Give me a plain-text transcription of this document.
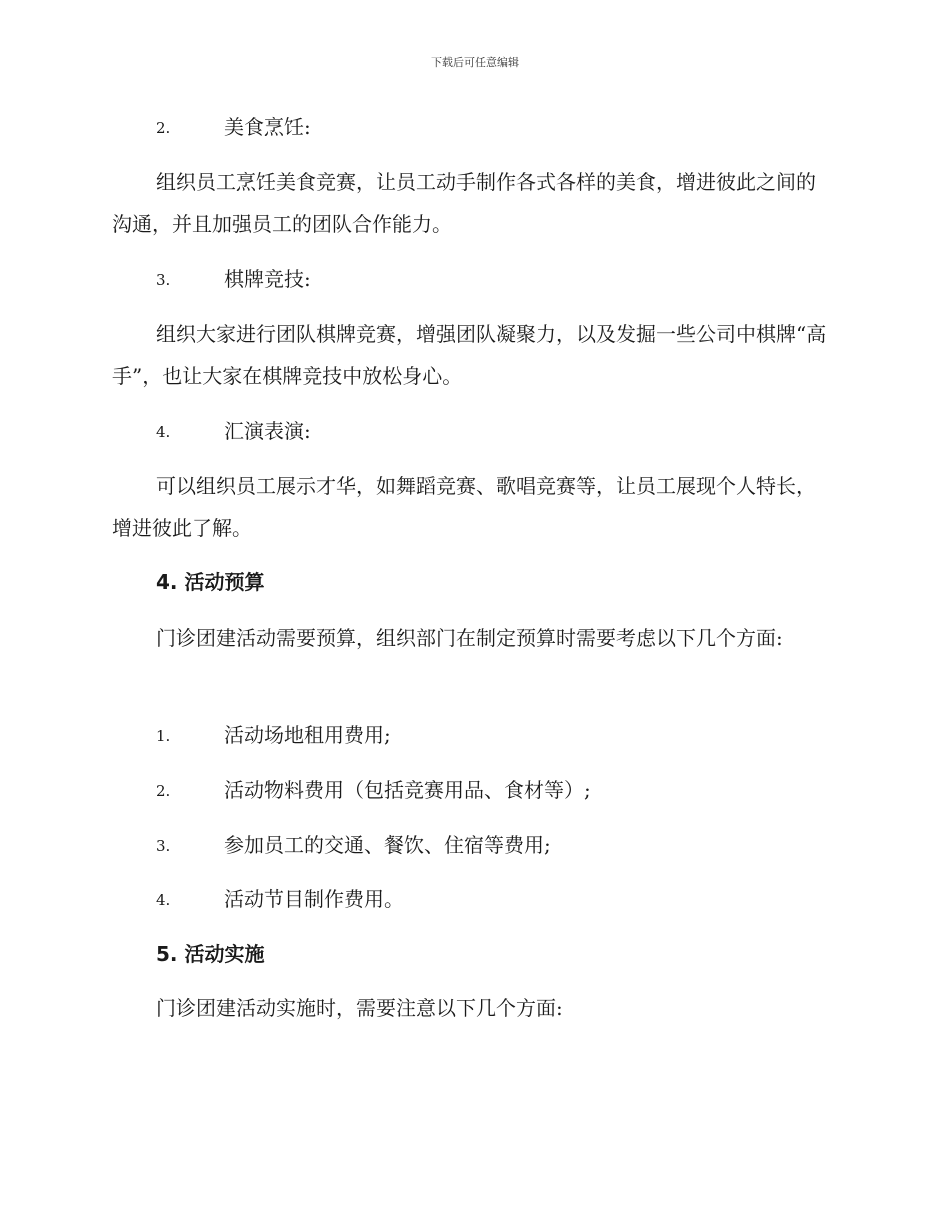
下载后可任意编辑
2.	美食烹饪:

组织员工烹饪美食竞赛，让员工动手制作各式各样的美食，增进彼此之间的沟通，并且加强员工的团队合作能力。

3.	棋牌竞技:

组织大家进行团队棋牌竞赛，增强团队凝聚力，以及发掘一些公司中棋牌“高手”，也让大家在棋牌竞技中放松身心。

4.	汇演表演:

可以组织员工展示才华，如舞蹈竞赛、歌唱竞赛等，让员工展现个人特长，增进彼此了解。

4. 活动预算

门诊团建活动需要预算，组织部门在制定预算时需要考虑以下几个方面:

1.	活动场地租用费用;
2.	活动物料费用（包括竞赛用品、食材等）;
3.	参加员工的交通、餐饮、住宿等费用;
4.	活动节目制作费用。
5. 活动实施

门诊团建活动实施时，需要注意以下几个方面:
